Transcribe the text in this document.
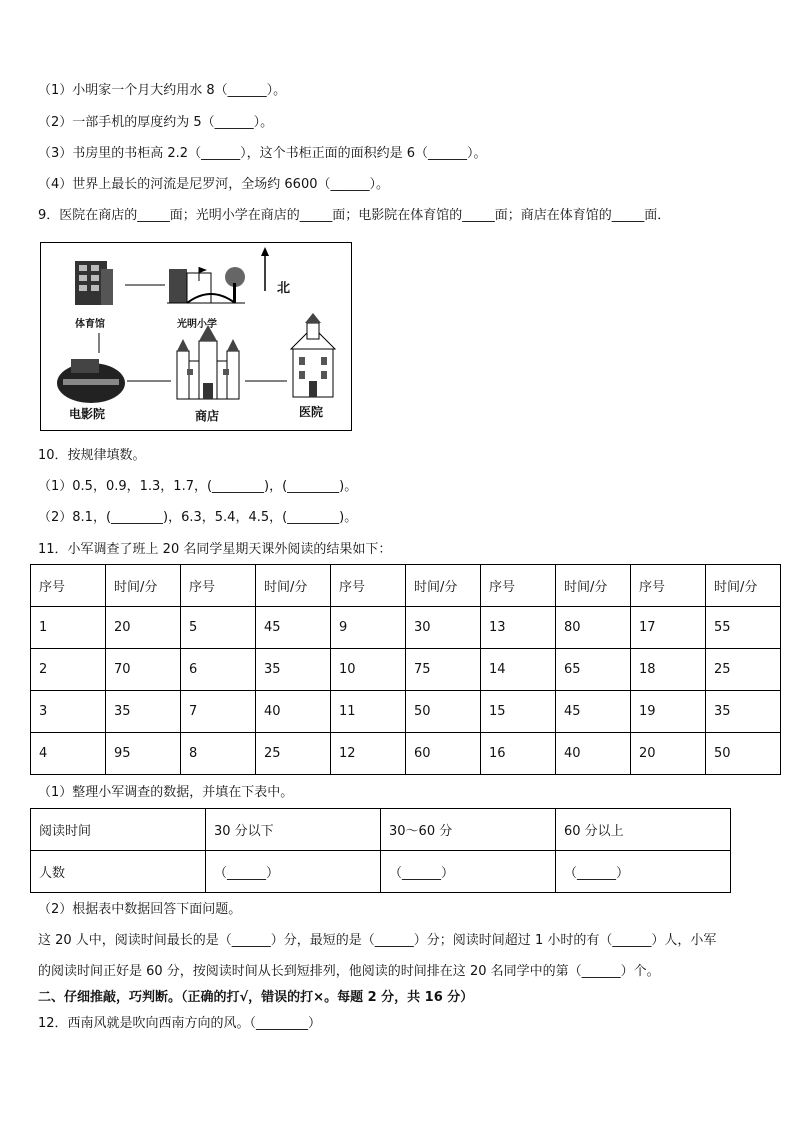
（1）小明家一个月大约用水 8（______）。
（2）一部手机的厚度约为 5（______）。
（3）书房里的书柜高 2.2（______），这个书柜正面的面积约是 6（______）。
（4）世界上最长的河流是尼罗河，全场约 6600（______）。
9．医院在商店的_____面；光明小学在商店的_____面；电影院在体育馆的_____面；商店在体育馆的_____面．
北
体育馆	光明小学
电影院	商店	医院
10．按规律填数。
（1）0.5，0.9，1.3，1.7，(________)，(________)。
（2）8.1，(________)，6.3，5.4，4.5，(________)。
11．小军调查了班上 20 名同学星期天课外阅读的结果如下：
序号	时间/分	序号	时间/分	序号	时间/分	序号	时间/分	序号	时间/分
1	20	5	45	9	30	13	80	17	55
2	70	6	35	10	75	14	65	18	25
3	35	7	40	11	50	15	45	19	35
4	95	8	25	12	60	16	40	20	50
（1）整理小军调查的数据，并填在下表中。
阅读时间	30 分以下	30～60 分	60 分以上
人数	（______）	（______）	（______）
（2）根据表中数据回答下面问题。
这 20 人中，阅读时间最长的是（______）分，最短的是（______）分；阅读时间超过 1 小时的有（______）人，小军
的阅读时间正好是 60 分，按阅读时间从长到短排列，他阅读的时间排在这 20 名同学中的第（______）个。
二、仔细推敲，巧判断。（正确的打√，错误的打×。每题 2 分，共 16 分）
12．西南风就是吹向西南方向的风。（________）
